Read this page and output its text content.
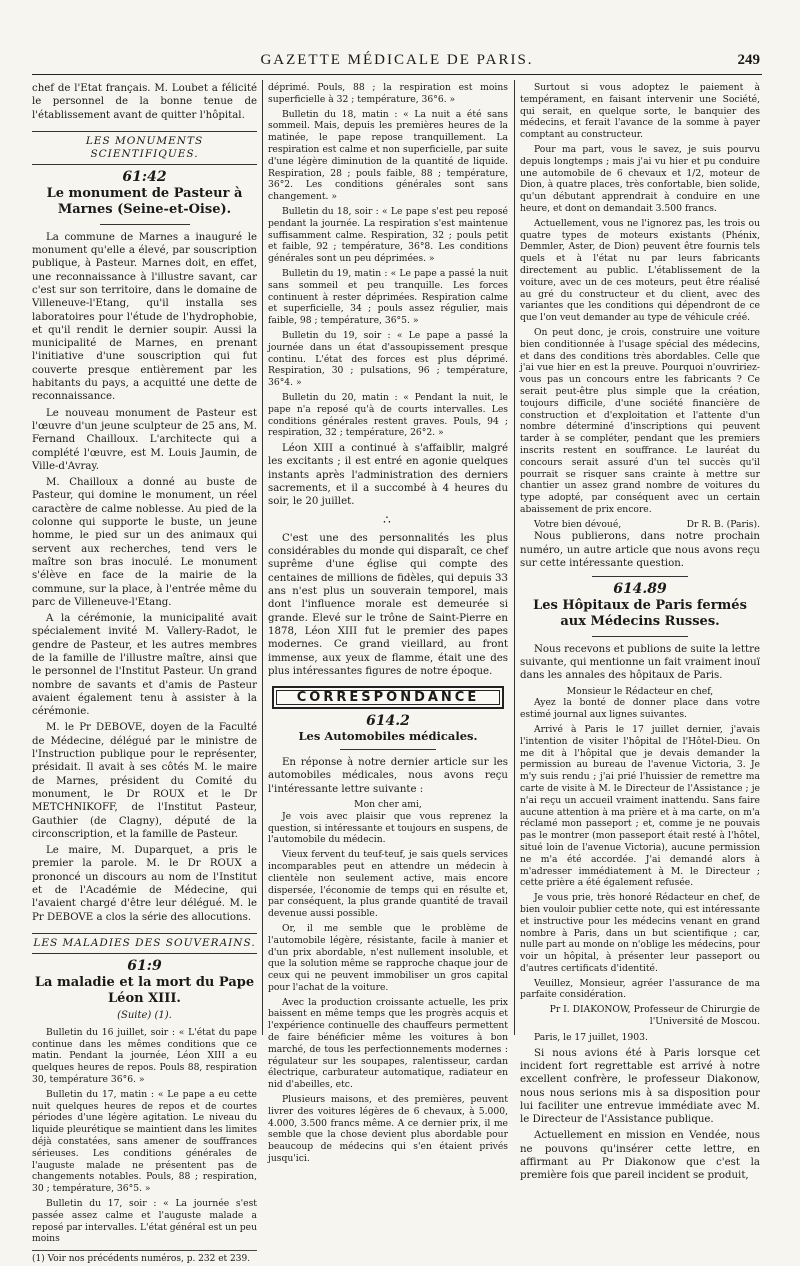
GAZETTE MÉDICALE DE PARIS.	249

chef de l'Etat français. M. Loubet a félicité le personnel de la bonne tenue de l'établissement avant de quitter l'hôpital.

LES MONUMENTS SCIENTIFIQUES.
61:42
Le monument de Pasteur à Marnes (Seine-et-Oise).

La commune de Marnes a inauguré le monument qu'elle a élevé, par souscription publique, à Pasteur. Marnes doit, en effet, une reconnaissance à l'illustre savant, car c'est sur son territoire, dans le domaine de Villeneuve-l'Etang, qu'il installa ses laboratoires pour l'étude de l'hydrophobie, et qu'il rendit le dernier soupir. Aussi la municipalité de Marnes, en prenant l'initiative d'une souscription qui fut couverte presque entièrement par les habitants du pays, a acquitté une dette de reconnaissance.

Le nouveau monument de Pasteur est l'œuvre d'un jeune sculpteur de 25 ans, M. Fernand Chailloux. L'architecte qui a complété l'œuvre, est M. Louis Jaumin, de Ville-d'Avray.

M. Chailloux a donné au buste de Pasteur, qui domine le monument, un réel caractère de calme noblesse. Au pied de la colonne qui supporte le buste, un jeune homme, le pied sur un des animaux qui servent aux recherches, tend vers le maître son bras inoculé. Le monument s'élève en face de la mairie de la commune, sur la place, à l'entrée même du parc de Villeneuve-l'Etang.

A la cérémonie, la municipalité avait spécialement invité M. Vallery-Radot, le gendre de Pasteur, et les autres membres de la famille de l'illustre maître, ainsi que le personnel de l'Institut Pasteur. Un grand nombre de savants et d'amis de Pasteur avaient également tenu à assister à la cérémonie.

M. le Pr DEBOVE, doyen de la Faculté de Médecine, délégué par le ministre de l'Instruction publique pour le représenter, présidait. Il avait à ses côtés M. le maire de Marnes, président du Comité du monument, le Dr ROUX et le Dr METCHNIKOFF, de l'Institut Pasteur, Gauthier (de Clagny), député de la circonscription, et la famille de Pasteur.

Le maire, M. Duparquet, a pris le premier la parole. M. le Dr ROUX a prononcé un discours au nom de l'Institut et de l'Académie de Médecine, qui l'avaient chargé d'être leur délégué. M. le Pr DEBOVE a clos la série des allocutions.

LES MALADIES DES SOUVERAINS.
61:9
La maladie et la mort du Pape Léon XIII.
(Suite) (1).

Bulletin du 16 juillet, soir : « L'état du pape continue dans les mêmes conditions que ce matin. Pendant la journée, Léon XIII a eu quelques heures de repos. Pouls 88, respiration 30, température 36°6. »

Bulletin du 17, matin : « Le pape a eu cette nuit quelques heures de repos et de courtes périodes d'une légère agitation. Le niveau du liquide pleurétique se maintient dans les limites déjà constatées, sans amener de souffrances sérieuses. Les conditions générales de l'auguste malade ne présentent pas de changements notables. Pouls, 88 ; respiration, 30 ; température, 36°5. »

Bulletin du 17, soir : « La journée s'est passée assez calme et l'auguste malade a reposé par intervalles. L'état général est un peu moins

(1) Voir nos précédents numéros, p. 232 et 239.

déprimé. Pouls, 88 ; la respiration est moins superficielle à 32 ; température, 36°6. »

Bulletin du 18, matin : « La nuit a été sans sommeil. Mais, depuis les premières heures de la matinée, le pape repose tranquillement. La respiration est calme et non superficielle, par suite d'une légère diminution de la quantité de liquide. Respiration, 28 ; pouls faible, 88 ; température, 36°2. Les conditions générales sont sans changement. »

Bulletin du 18, soir : « Le pape s'est peu reposé pendant la journée. La respiration s'est maintenue suffisamment calme. Respiration, 32 ; pouls petit et faible, 92 ; température, 36°8. Les conditions générales sont un peu déprimées. »

Bulletin du 19, matin : « Le pape a passé la nuit sans sommeil et peu tranquille. Les forces continuent à rester déprimées. Respiration calme et superficielle, 34 ; pouls assez régulier, mais faible, 98 ; température, 36°5. »

Bulletin du 19, soir : « Le pape a passé la journée dans un état d'assoupissement presque continu. L'état des forces est plus déprimé. Respiration, 30 ; pulsations, 96 ; température, 36°4. »

Bulletin du 20, matin : « Pendant la nuit, le pape n'a reposé qu'à de courts intervalles. Les conditions générales restent graves. Pouls, 94 ; respiration, 32 ; température, 26°2. »

Léon XIII a continué à s'affaiblir, malgré les excitants ; il est entré en agonie quelques instants après l'administration des derniers sacrements, et il a succombé à 4 heures du soir, le 20 juillet.

∴

C'est une des personnalités les plus considérables du monde qui disparaît, ce chef suprême d'une église qui compte des centaines de millions de fidèles, qui depuis 33 ans n'est plus un souverain temporel, mais dont l'influence morale est demeurée si grande. Elevé sur le trône de Saint-Pierre en 1878, Léon XIII fut le premier des papes modernes. Ce grand vieillard, au front immense, aux yeux de flamme, était une des plus intéressantes figures de notre époque.

CORRESPONDANCE
614.2
Les Automobiles médicales.

En réponse à notre dernier article sur les automobiles médicales, nous avons reçu l'intéressante lettre suivante :

Mon cher ami,

Je vois avec plaisir que vous reprenez la question, si intéressante et toujours en suspens, de l'automobile du médecin.

Vieux fervent du teuf-teuf, je sais quels services incomparables peut en attendre un médecin à clientèle non seulement active, mais encore dispersée, l'économie de temps qui en résulte et, par conséquent, la plus grande quantité de travail devenue aussi possible.

Or, il me semble que le problème de l'automobile légère, résistante, facile à manier et d'un prix abordable, n'est nullement insoluble, et que la solution même se rapproche chaque jour de ceux qui ne peuvent immobiliser un gros capital pour l'achat de la voiture.

Avec la production croissante actuelle, les prix baissent en même temps que les progrès acquis et l'expérience continuelle des chauffeurs permettent de faire bénéficier même les voitures à bon marché, de tous les perfectionnements modernes : régulateur sur les soupapes, ralentisseur, cardan électrique, carburateur automatique, radiateur en nid d'abeilles, etc.

Plusieurs maisons, et des premières, peuvent livrer des voitures légères de 6 chevaux, à 5.000, 4.000, 3.500 francs même. A ce dernier prix, il me semble que la chose devient plus abordable pour beaucoup de médecins qui s'en étaient privés jusqu'ici.

Surtout si vous adoptez le paiement à tempérament, en faisant intervenir une Société, qui serait, en quelque sorte, le banquier des médecins, et ferait l'avance de la somme à payer comptant au constructeur.

Pour ma part, vous le savez, je suis pourvu depuis longtemps ; mais j'ai vu hier et pu conduire une automobile de 6 chevaux et 1/2, moteur de Dion, à quatre places, très confortable, bien solide, qu'un débutant apprendrait à conduire en une heure, et dont on demandait 3.500 francs.

Actuellement, vous ne l'ignorez pas, les trois ou quatre types de moteurs existants (Phénix, Demmler, Aster, de Dion) peuvent être fournis tels quels et à l'état nu par leurs fabricants directement au public. L'établissement de la voiture, avec un de ces moteurs, peut être réalisé au gré du constructeur et du client, avec des variantes que les conditions qui dépendront de ce que l'on veut demander au type de véhicule créé.

On peut donc, je crois, construire une voiture bien conditionnée à l'usage spécial des médecins, et dans des conditions très abordables. Celle que j'ai vue hier en est la preuve. Pourquoi n'ouvririez-vous pas un concours entre les fabricants ? Ce serait peut-être plus simple que la création, toujours difficile, d'une société financière de construction et d'exploitation et l'attente d'un nombre déterminé d'inscriptions qui peuvent tarder à se compléter, pendant que les premiers inscrits restent en souffrance. Le lauréat du concours serait assuré d'un tel succès qu'il pourrait se risquer sans crainte à mettre sur chantier un assez grand nombre de voitures du type adopté, par conséquent avec un certain abaissement de prix encore.

Votre bien dévoué,	Dr R. B. (Paris).

Nous publierons, dans notre prochain numéro, un autre article que nous avons reçu sur cette intéressante question.

614.89
Les Hôpitaux de Paris fermés aux Médecins Russes.

Nous recevons et publions de suite la lettre suivante, qui mentionne un fait vraiment inouï dans les annales des hôpitaux de Paris.

Monsieur le Rédacteur en chef,

Ayez la bonté de donner place dans votre estimé journal aux lignes suivantes.

Arrivé à Paris le 17 juillet dernier, j'avais l'intention de visiter l'hôpital de l'Hôtel-Dieu. On me dit à l'hôpital que je devais demander la permission au bureau de l'avenue Victoria, 3. Je m'y suis rendu ; j'ai prié l'huissier de remettre ma carte de visite à M. le Directeur de l'Assistance ; je n'ai reçu un accueil vraiment inattendu. Sans faire aucune attention à ma prière et à ma carte, on m'a réclamé mon passeport ; et, comme je ne pouvais pas le montrer (mon passeport était resté à l'hôtel, situé loin de l'avenue Victoria), aucune permission ne m'a été accordée. J'ai demandé alors à m'adresser immédiatement à M. le Directeur ; cette prière a été également refusée.

Je vous prie, très honoré Rédacteur en chef, de bien vouloir publier cette note, qui est intéressante et instructive pour les médecins venant en grand nombre à Paris, dans un but scientifique ; car, nulle part au monde on n'oblige les médecins, pour voir un hôpital, à présenter leur passeport ou d'autres certificats d'identité.

Veuillez, Monsieur, agréer l'assurance de ma parfaite considération.

Pr I. DIAKONOW, Professeur de Chirurgie de l'Université de Moscou.

Paris, le 17 juillet, 1903.

Si nous avions été à Paris lorsque cet incident fort regrettable est arrivé à notre excellent confrère, le professeur Diakonow, nous nous serions mis à sa disposition pour lui faciliter une entrevue immédiate avec M. le Directeur de l'Assistance publique.

Actuellement en mission en Vendée, nous ne pouvons qu'insérer cette lettre, en affirmant au Pr Diakonow que c'est la première fois que pareil incident se produit,
